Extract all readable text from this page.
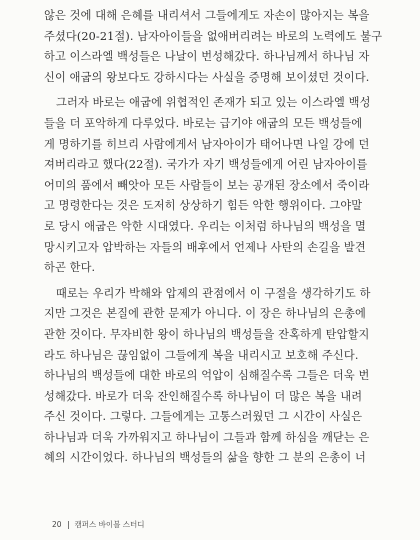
않은 것에 대해 은혜를 내리셔서 그들에게도 자손이 많아지는 복을
주셨다(20-21절). 남자아이들을 없애버리려는 바로의 노력에도 불구
하고 이스라엘 백성들은 나날이 번성해갔다. 하나님께서 하나님 자
신이 애굽의 왕보다도 강하시다는 사실을 증명해 보이셨던 것이다.
그러자 바로는 애굽에 위협적인 존재가 되고 있는 이스라엘 백성
들을 더 포악하게 다루었다. 바로는 급기야 애굽의 모든 백성들에
게 명하기를 히브리 사람에게서 남자아이가 태어나면 나일 강에 던
져버리라고 했다(22절). 국가가 자기 백성들에게 어린 남자아이를
어미의 품에서 빼앗아 모든 사람들이 보는 공개된 장소에서 죽이라
고 명령한다는 것은 도저히 상상하기 힘든 악한 행위이다. 그야말
로 당시 애굽은 악한 시대였다. 우리는 이처럼 하나님의 백성을 멸
망시키고자 압박하는 자들의 배후에서 언제나 사탄의 손길을 발견
하곤 한다.
때로는 우리가 박해와 압제의 관점에서 이 구절을 생각하기도 하
지만 그것은 본질에 관한 문제가 아니다. 이 장은 하나님의 은총에
관한 것이다. 무자비한 왕이 하나님의 백성들을 잔혹하게 탄압할지
라도 하나님은 끊임없이 그들에게 복을 내리시고 보호해 주신다.
하나님의 백성들에 대한 바로의 억압이 심해질수록 그들은 더욱 번
성해갔다. 바로가 더욱 잔인해질수록 하나님이 더 많은 복을 내려
주신 것이다. 그렇다. 그들에게는 고통스러웠던 그 시간이 사실은
하나님과 더욱 가까워지고 하나님이 그들과 함께 하심을 깨닫는 은
혜의 시간이었다. 하나님의 백성들의 삶을 향한 그 분의 은총이 너
20 캠퍼스 바이블 스터디
